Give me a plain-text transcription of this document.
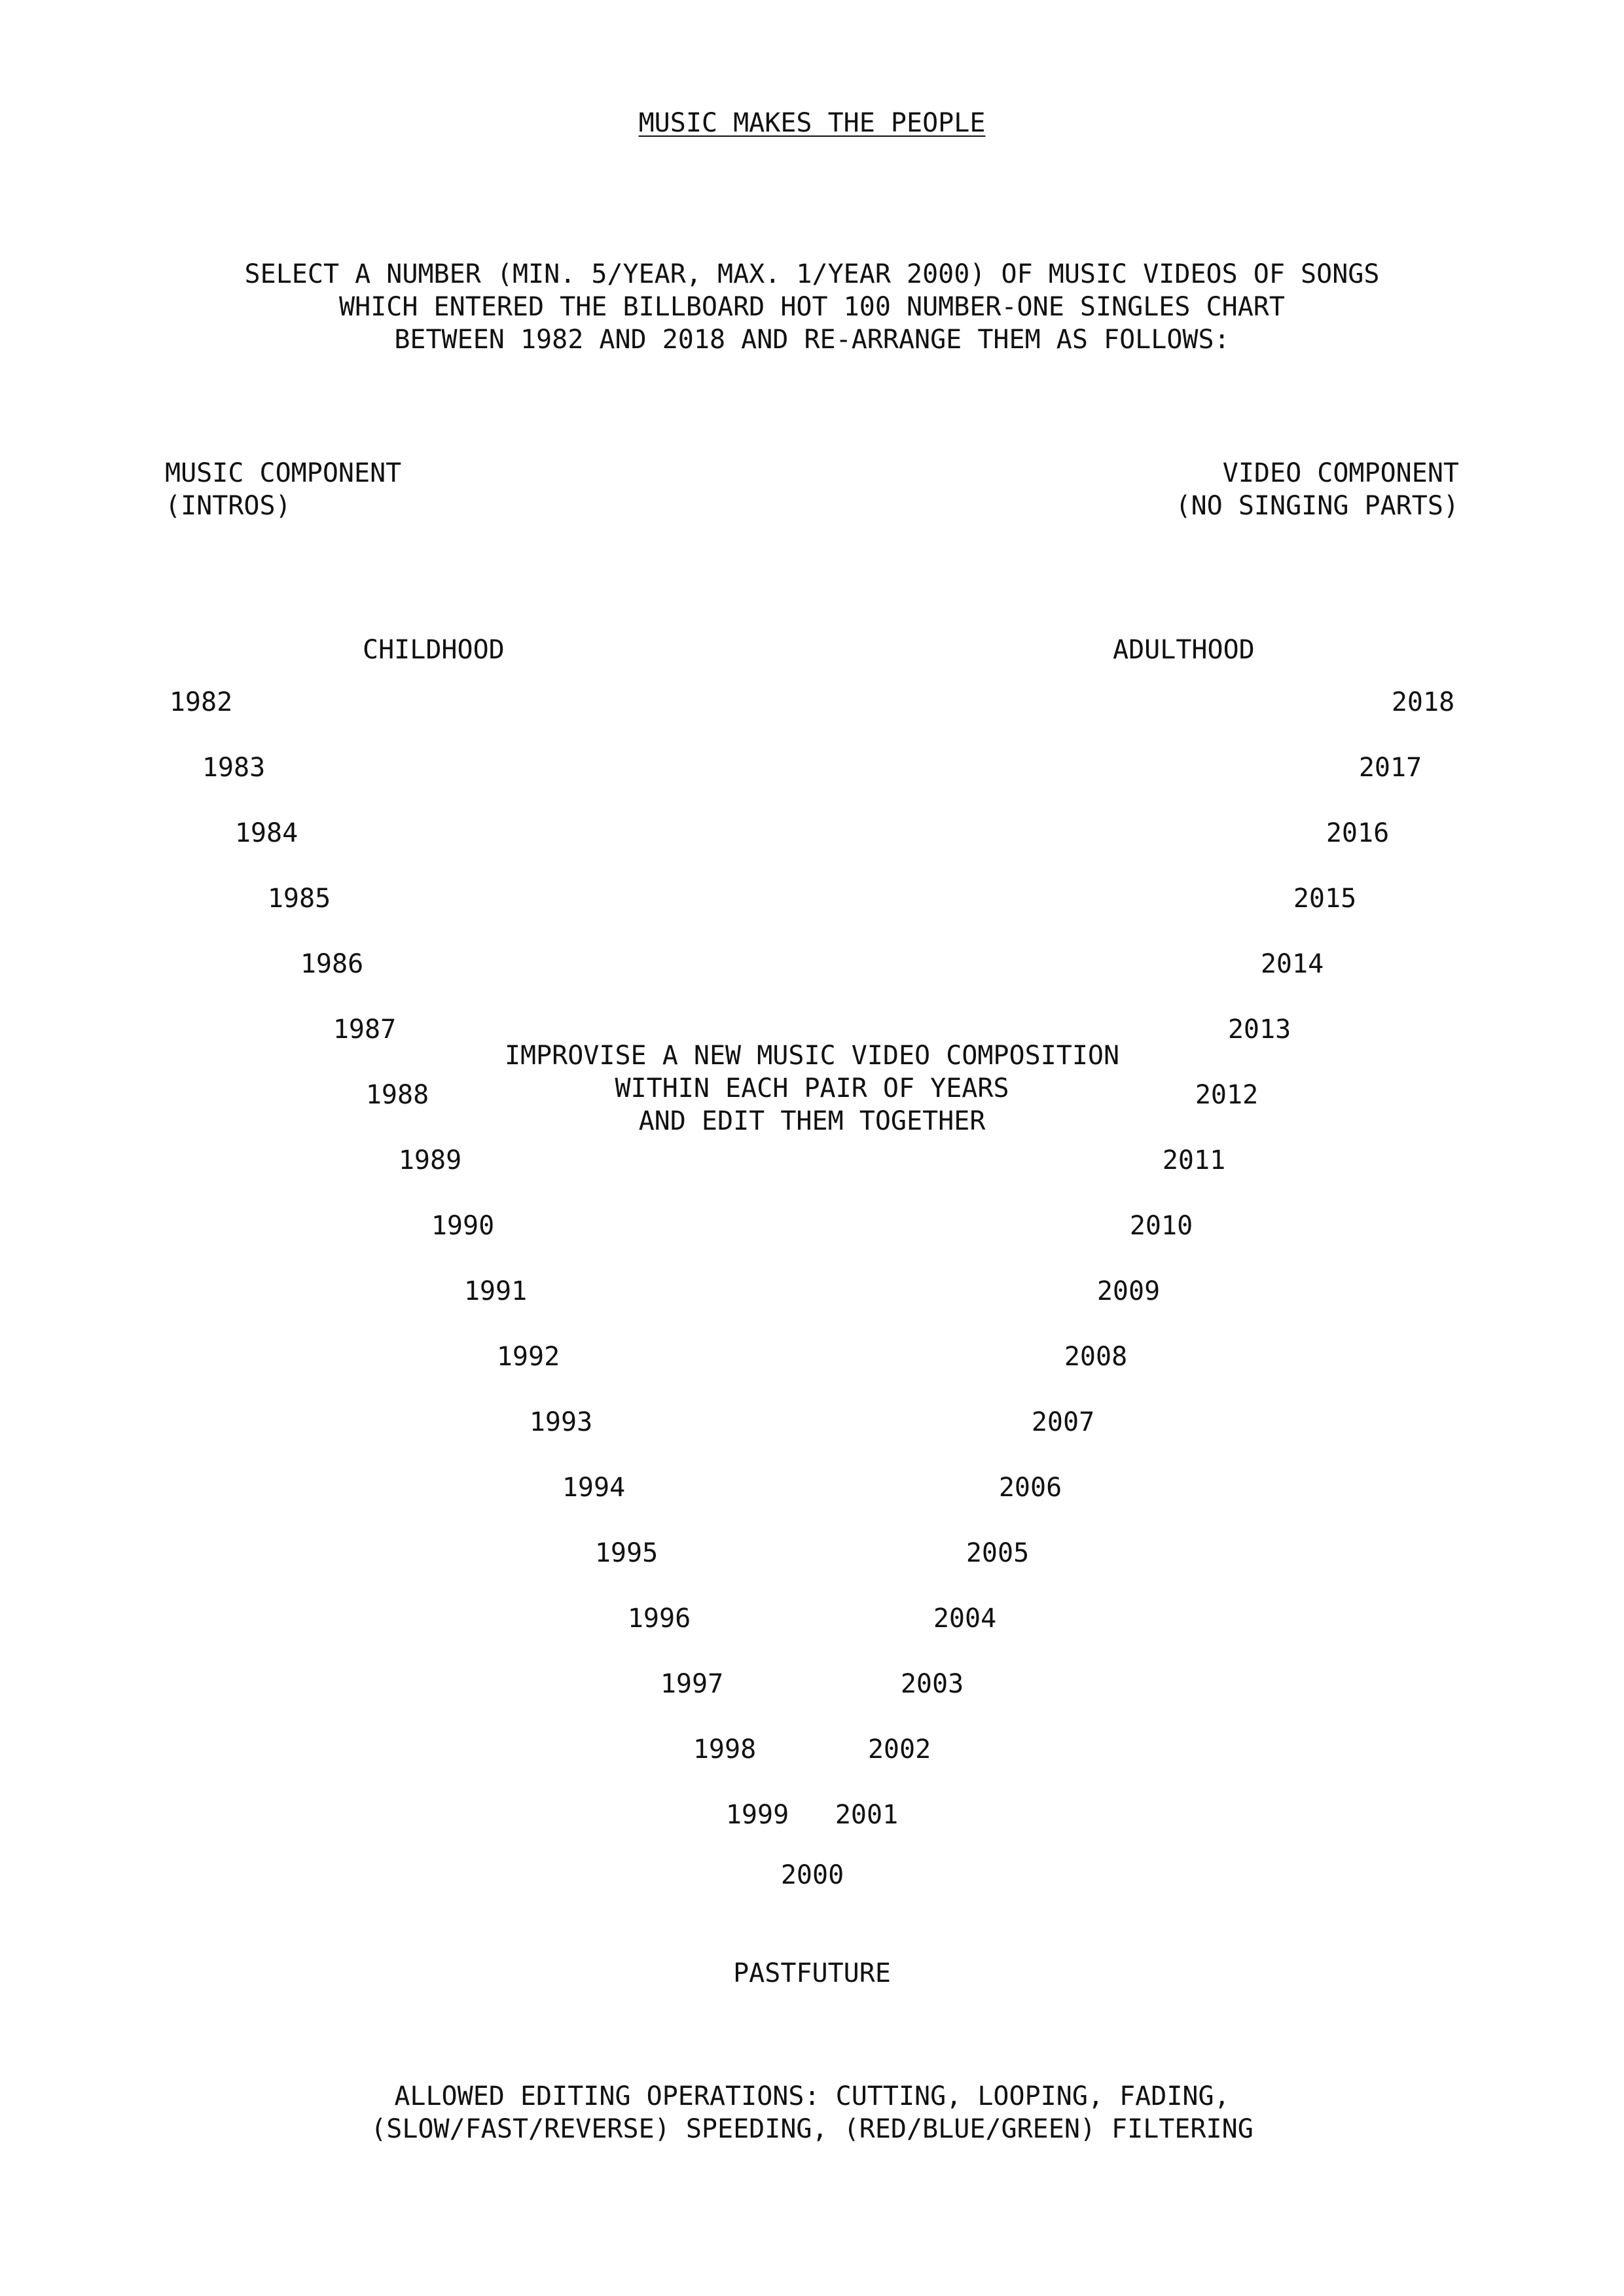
MUSIC MAKES THE PEOPLE
SELECT A NUMBER (MIN. 5/YEAR, MAX. 1/YEAR 2000) OF MUSIC VIDEOS OF SONGS
WHICH ENTERED THE BILLBOARD HOT 100 NUMBER-ONE SINGLES CHART
BETWEEN 1982 AND 2018 AND RE-ARRANGE THEM AS FOLLOWS:
MUSIC COMPONENT
(INTROS)
VIDEO COMPONENT
(NO SINGING PARTS)
CHILDHOOD	ADULTHOOD
1982
1983
1984
1985
1986
1987
1988
1989
1990
1991
1992
1993
1994
1995
1996
1997
1998
1999
2018
2017
2016
2015
2014
2013
2012
2011
2010
2009
2008
2007
2006
2005
2004
2003
2002
2001
2000
IMPROVISE A NEW MUSIC VIDEO COMPOSITION
WITHIN EACH PAIR OF YEARS
AND EDIT THEM TOGETHER
PASTFUTURE
ALLOWED EDITING OPERATIONS: CUTTING, LOOPING, FADING,
(SLOW/FAST/REVERSE) SPEEDING, (RED/BLUE/GREEN) FILTERING
